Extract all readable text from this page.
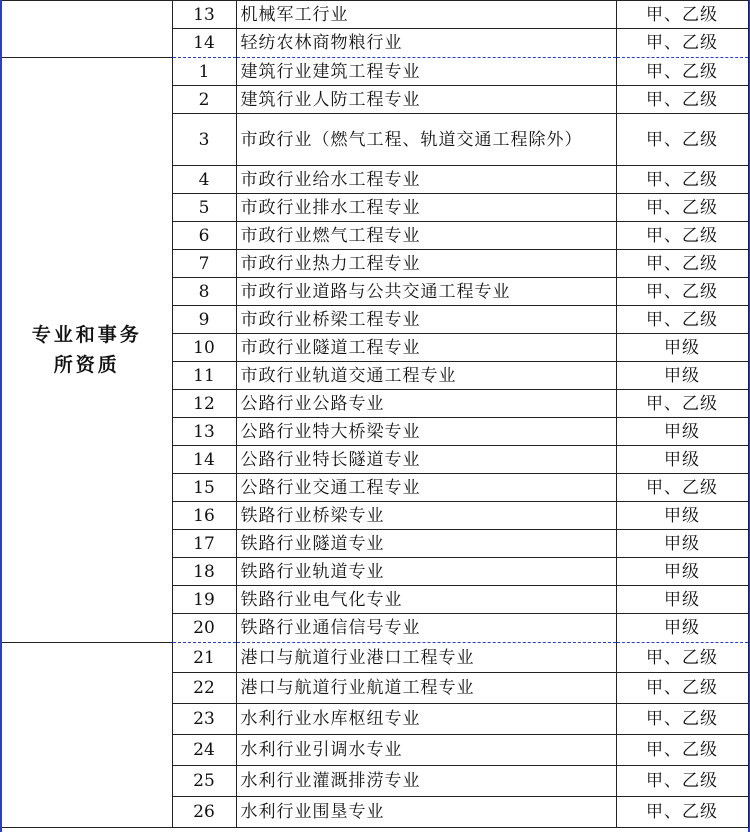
	13	机械军工行业	甲、乙级
	14	轻纺农林商物粮行业	甲、乙级

专业和事务
所资质	1	建筑行业建筑工程专业	甲、乙级
	2	建筑行业人防工程专业	甲、乙级
	3	市政行业（燃气工程、轨道交通工程除外）	甲、乙级
	4	市政行业给水工程专业	甲、乙级
	5	市政行业排水工程专业	甲、乙级
	6	市政行业燃气工程专业	甲、乙级
	7	市政行业热力工程专业	甲、乙级
	8	市政行业道路与公共交通工程专业	甲、乙级
	9	市政行业桥梁工程专业	甲、乙级
	10	市政行业隧道工程专业	甲级
	11	市政行业轨道交通工程专业	甲级
	12	公路行业公路专业	甲、乙级
	13	公路行业特大桥梁专业	甲级
	14	公路行业特长隧道专业	甲级
	15	公路行业交通工程专业	甲、乙级
	16	铁路行业桥梁专业	甲级
	17	铁路行业隧道专业	甲级
	18	铁路行业轨道专业	甲级
	19	铁路行业电气化专业	甲级
	20	铁路行业通信信号专业	甲级
	21	港口与航道行业港口工程专业	甲、乙级
	22	港口与航道行业航道工程专业	甲、乙级
	23	水利行业水库枢纽专业	甲、乙级
	24	水利行业引调水专业	甲、乙级
	25	水利行业灌溉排涝专业	甲、乙级
	26	水利行业围垦专业	甲、乙级
